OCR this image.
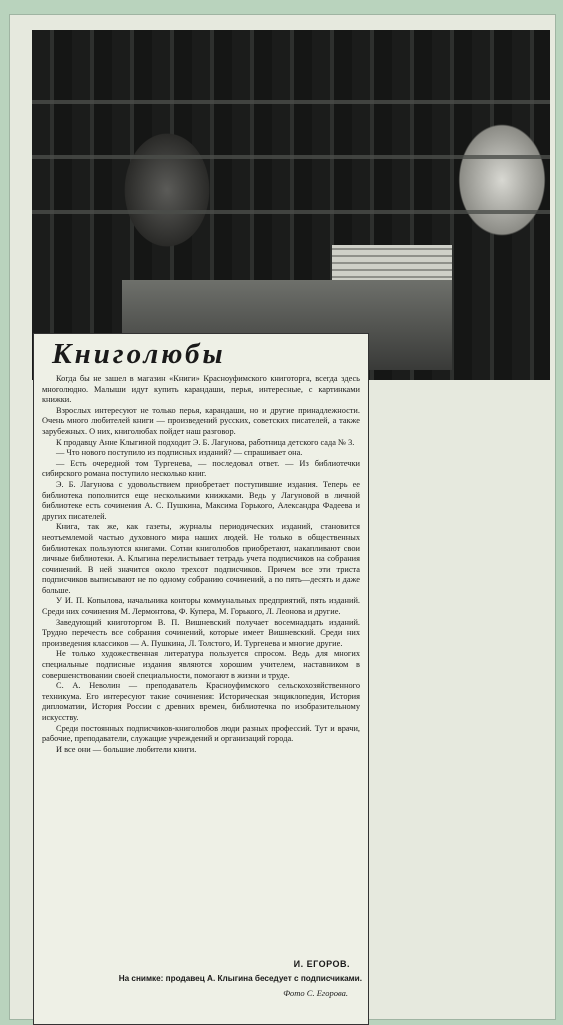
Книголюбы

Когда бы не зашел в магазин «Книги» Красноуфимского книготорга, всегда здесь многолюдно. Малыши идут купить карандаши, перья, интересные, с картинками книжки.

Взрослых интересуют не только перья, карандаши, но и другие принадлежности. Очень много любителей книги — произведений русских, советских писателей, а также зарубежных. О них, книголюбах пойдет наш разговор.

К продавцу Анне Клыгиной подходит Э. Б. Лагунова, работница детского сада № 3.

— Что нового поступило из подписных изданий? — спрашивает она.

— Есть очередной том Тургенева, — последовал ответ. — Из библиотечки сибирского романа поступило несколько книг.

Э. Б. Лагунова с удовольствием приобретает поступившие издания. Теперь ее библиотека пополнится еще несколькими книжками. Ведь у Лагуновой в личной библиотеке есть сочинения А. С. Пушкина, Максима Горького, Александра Фадеева и других писателей.

Книга, так же, как газеты, журналы периодических изданий, становится неотъемлемой частью духовного мира наших людей. Не только в общественных библиотеках пользуются книгами. Сотни книголюбов приобретают, накапливают свои личные библиотеки. А. Клыгина перелистывает тетрадь учета подписчиков на собрания сочинений. В ней значится около трехсот подписчиков. Причем все эти триста подписчиков выписывают не по одному собранию сочинений, а по пять—десять и даже больше.

У И. П. Копылова, начальника конторы коммунальных предприятий, пять изданий. Среди них сочинения М. Лермонтова, Ф. Купера, М. Горького, Л. Леонова и другие.

Заведующий книготоргом В. П. Вишневский получает восемнадцать изданий. Трудно перечесть все собрания сочинений, которые имеет Вишневский. Среди них произведения классиков — А. Пушкина, Л. Толстого, И. Тургенева и многие другие.

Не только художественная литература пользуется спросом. Ведь для многих специальные подписные издания являются хорошим учителем, наставником в совершенствовании своей специальности, помогают в жизни и труде.

С. А. Неволин — преподаватель Красноуфимского сельскохозяйственного техникума. Его интересуют такие сочинения: Историческая энциклопедия, История дипломатии, История России с древних времен, библиотечка по изобразительному искусству.

Среди постоянных подписчиков-книголюбов люди разных профессий. Тут и врачи, рабочие, преподаватели, служащие учреждений и организаций города.

И все они — большие любители книги.

И. ЕГОРОВ.
На снимке: продавец А. Клыгина беседует с подписчиками.
Фото С. Егорова.
